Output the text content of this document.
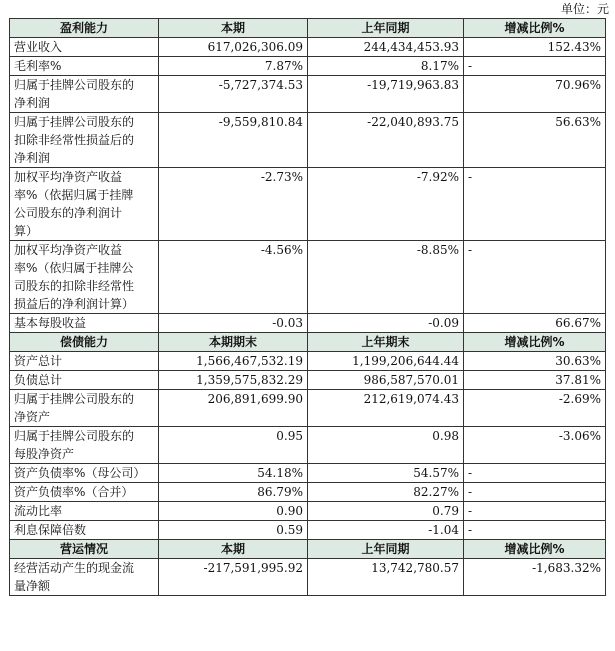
单位：元
盈利能力	本期	上年同期	增减比例%

营业收入	617,026,306.09	244,434,453.93	152.43%

毛利率%	7.87%	8.17%	-

归属于挂牌公司股东的
净利润	-5,727,374.53	-19,719,963.83	70.96%

归属于挂牌公司股东的
扣除非经常性损益后的
净利润	-9,559,810.84	-22,040,893.75	56.63%

加权平均净资产收益
率%（依据归属于挂牌
公司股东的净利润计
算）	-2.73%	-7.92%	-

加权平均净资产收益
率%（依归属于挂牌公
司股东的扣除非经常性
损益后的净利润计算）	-4.56%	-8.85%	-

基本每股收益	-0.03	-0.09	66.67%
偿债能力	本期期末	上年期末	增减比例%

资产总计	1,566,467,532.19	1,199,206,644.44	30.63%

负债总计	1,359,575,832.29	986,587,570.01	37.81%

归属于挂牌公司股东的
净资产	206,891,699.90	212,619,074.43	-2.69%

归属于挂牌公司股东的
每股净资产	0.95	0.98	-3.06%

资产负债率%（母公司）	54.18%	54.57%	-

资产负债率%（合并）	86.79%	82.27%	-

流动比率	0.90	0.79	-

利息保障倍数	0.59	-1.04	-
营运情况	本期	上年同期	增减比例%

经营活动产生的现金流
量净额	-217,591,995.92	13,742,780.57	-1,683.32%
